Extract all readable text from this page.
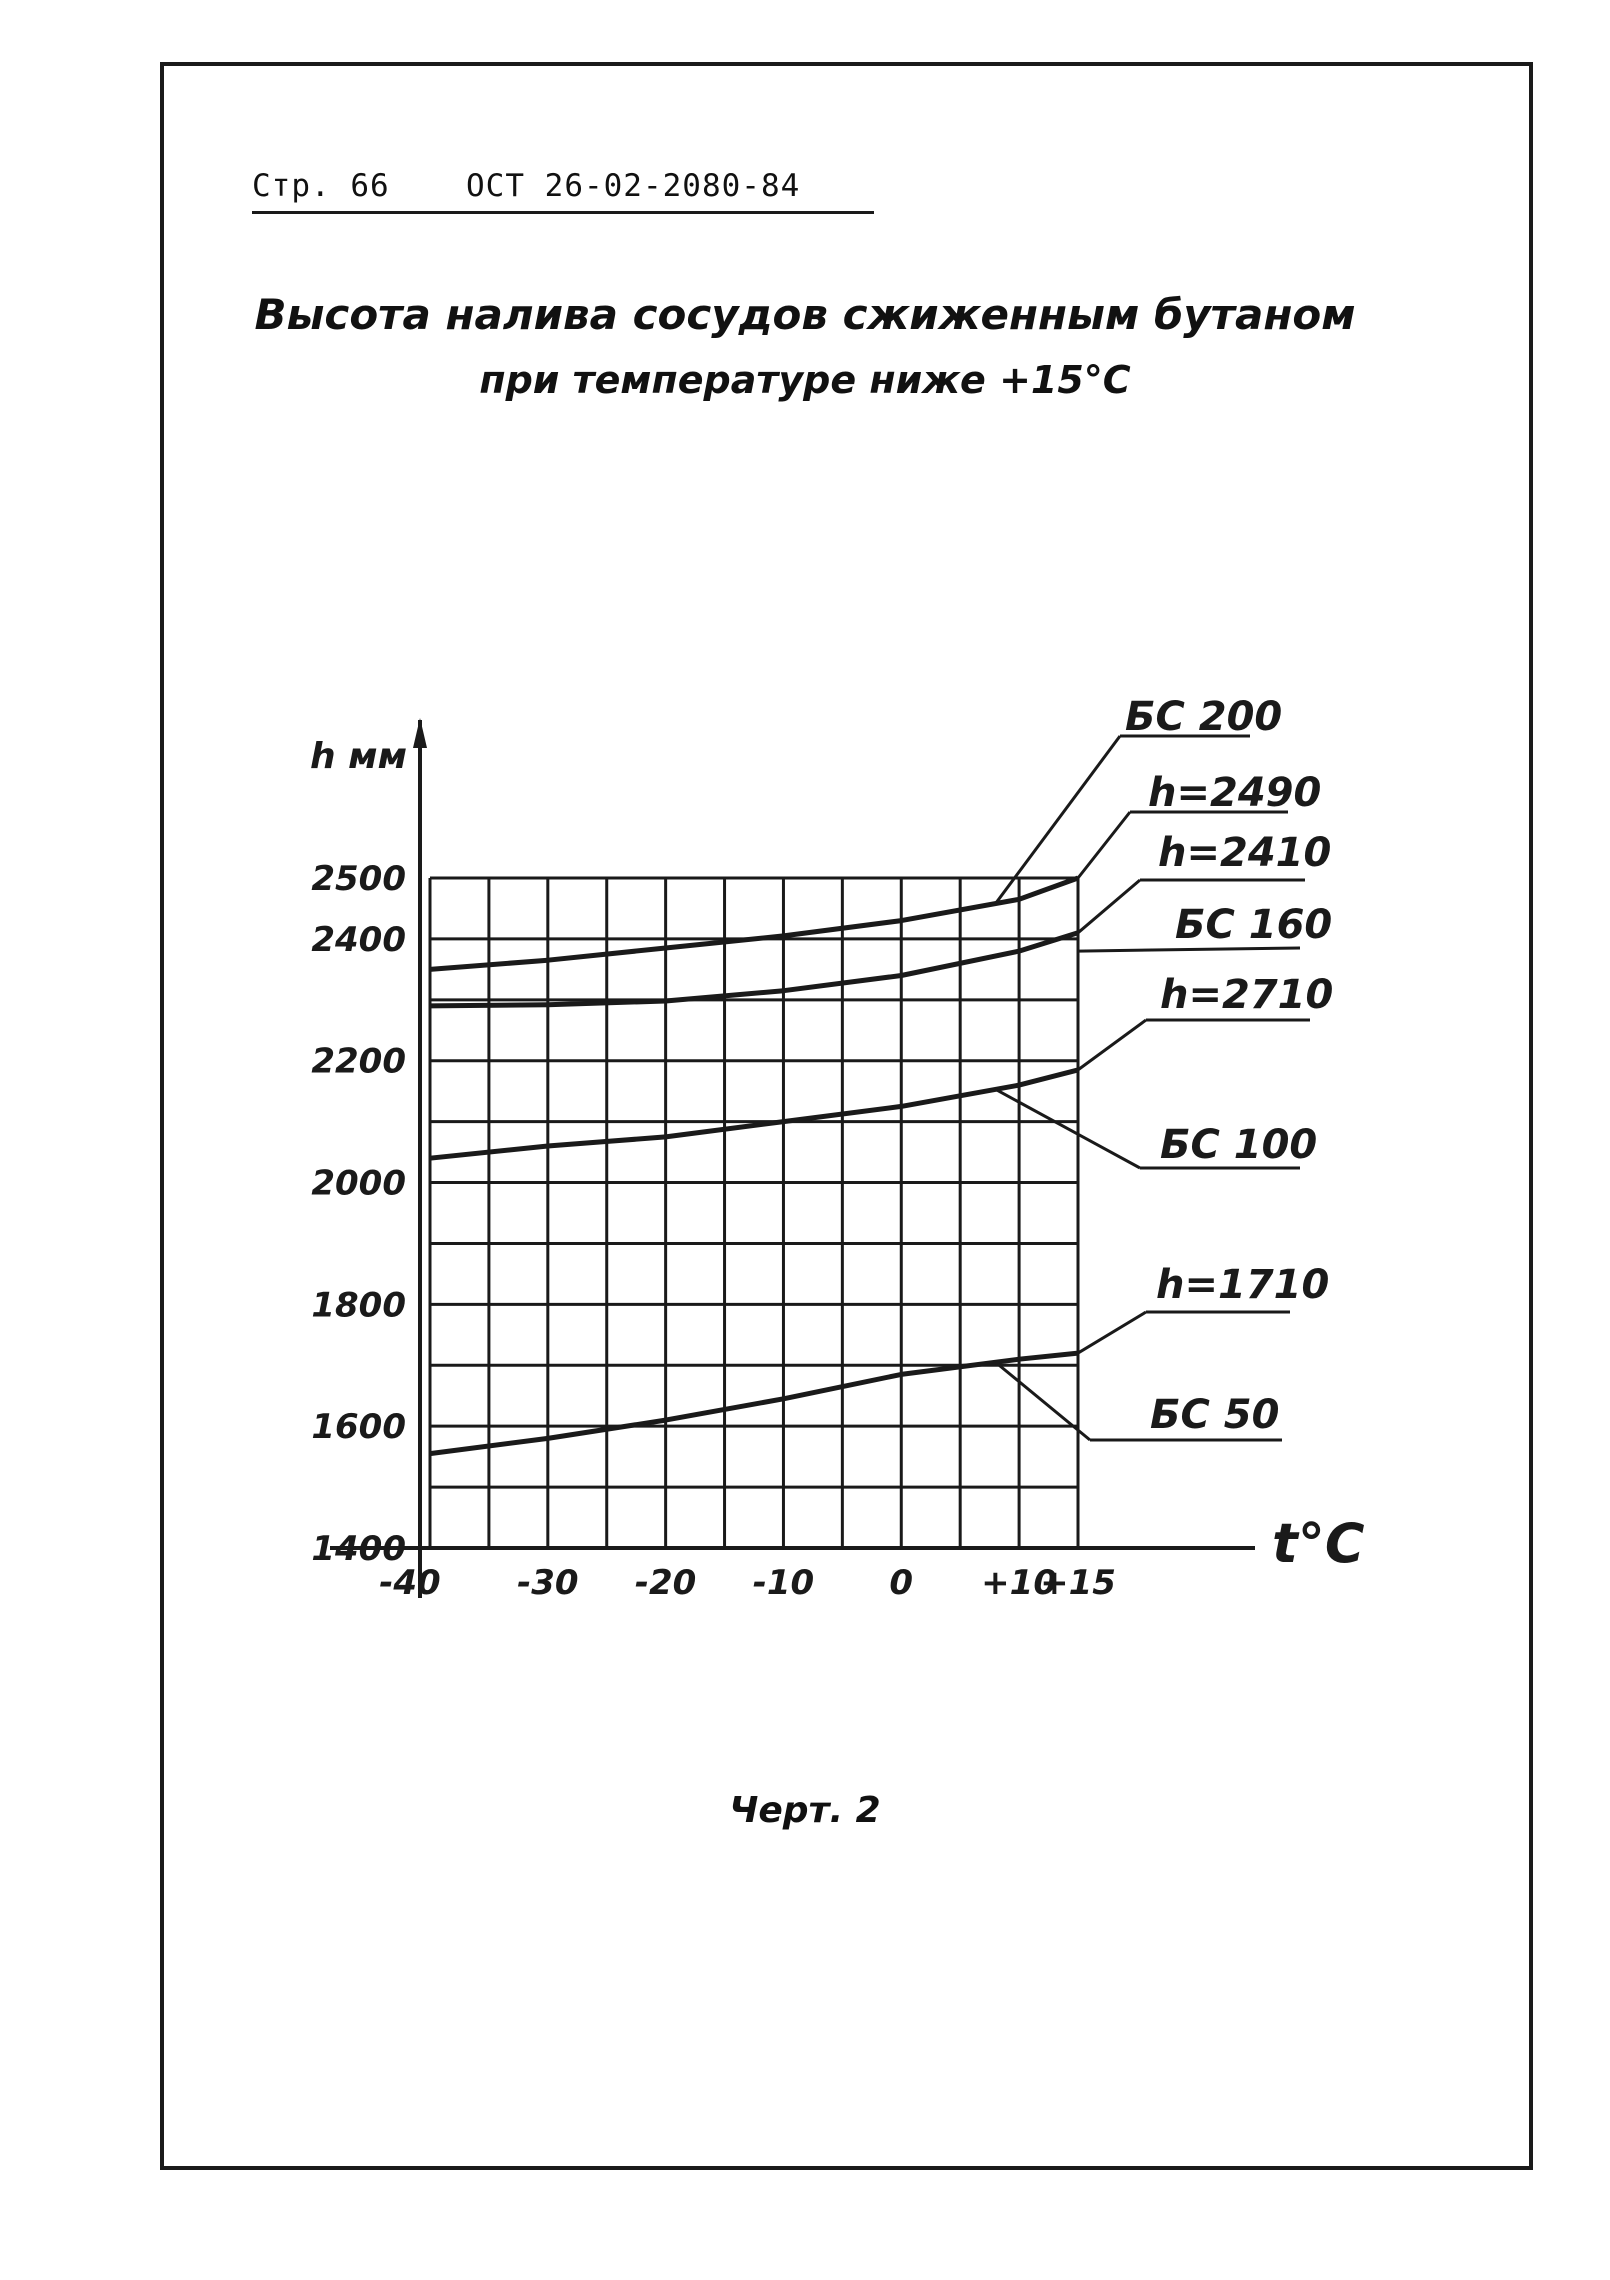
Стр. 66 ОСТ 26-02-2080-84
Высота налива сосудов сжиженным бутаном
при температуре ниже +15°С
h мм
t°С
1400
1600
1800
2000
2200
2400
2500
-40 -30 -20 -10 0 +10
+15
БС 200
h=2490
h=2410
БС 160
h=2710
БС 100
h=1710
БС 50
Черт. 2
